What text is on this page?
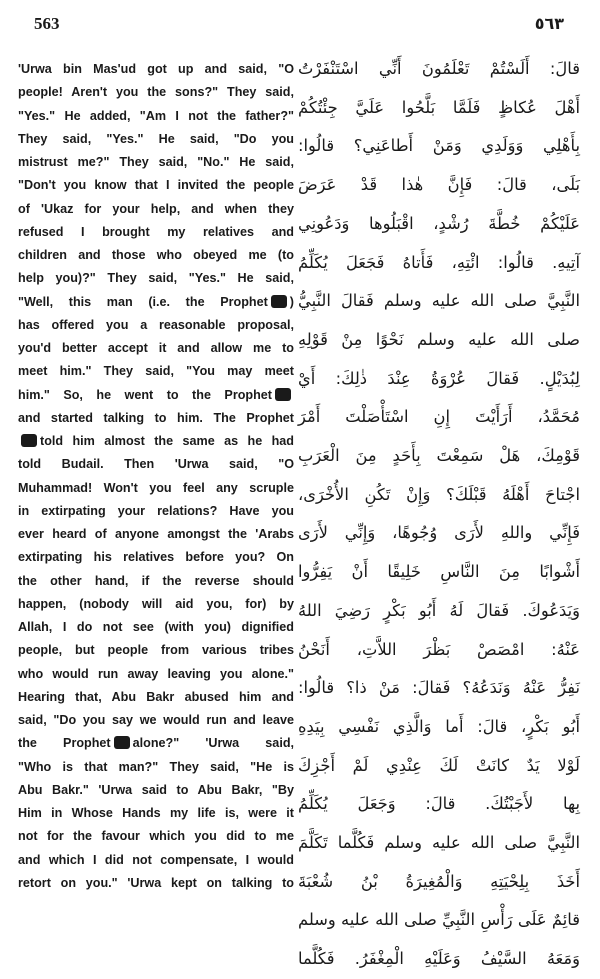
563	٥٦٣
'Urwa bin Mas'ud got up and said, "O
people! Aren't you the sons?" They said,
"Yes." He added, "Am I not the father?"
They said, "Yes." He said, "Do you
mistrust me?" They said, "No." He said,
"Don't you know that I invited the people
of 'Ukaz for your help, and when they
refused I brought my relatives and
children and those who obeyed me (to
help you)?" They said, "Yes." He said,
"Well, this man (i.e. the Prophet )
has offered you a reasonable proposal,
you'd better accept it and allow me to
meet him." They said, "You may meet
him." So, he went to the Prophet
and started talking to him. The Prophet
told him almost the same as he had
told Budail. Then 'Urwa said, "O
Muhammad! Won't you feel any scruple
in extirpating your relations? Have you
ever heard of anyone amongst the 'Arabs
extirpating his relatives before you? On
the other hand, if the reverse should
happen, (nobody will aid you, for) by
Allah, I do not see (with you) dignified
people, but people from various tribes
who would run away leaving you alone."
Hearing that, Abu Bakr abused him and
said, "Do you say we would run and leave
the Prophet alone?" 'Urwa said,
"Who is that man?" They said, "He is
Abu Bakr." 'Urwa said to Abu Bakr, "By
Him in Whose Hands my life is, were it
not for the favour which you did to me
and which I did not compensate, I would
retort on you." 'Urwa kept on talking to
قالَ: أَلَسْتُمْ تَعْلَمُونَ أَنِّي اسْتَنْفَرْتُ
أَهْلَ عُكاظٍ فَلَمَّا بَلَّحُوا عَلَيَّ جِئْتُكُمْ
بِأَهْلِي وَوَلَدِي وَمَنْ أَطاعَنِي؟ قالُوا:
بَلَى، قالَ: فَإِنَّ هٰذا قَدْ عَرَضَ
عَلَيْكُمْ خُطَّةَ رُشْدٍ، اقْبَلُوها وَدَعُونِي
آتِيهِ. قالُوا: ائْتِهِ، فَأَتاهُ فَجَعَلَ يُكَلِّمُ
النَّبِيَّ صلى الله عليه وسلم فَقالَ النَّبِيُّ
صلى الله عليه وسلم نَحْوًا مِنْ قَوْلِهِ
لِبُدَيْلٍ. فَقالَ عُرْوَةُ عِنْدَ ذٰلِكَ: أَيْ
مُحَمَّدُ، أَرَأَيْتَ إِنِ اسْتَأْصَلْتَ أَمْرَ
قَوْمِكَ، هَلْ سَمِعْتَ بِأَحَدٍ مِنَ الْعَرَبِ
اجْتاحَ أَهْلَهُ قَبْلَكَ؟ وَإِنْ تَكُنِ الأُخْرَى،
فَإِنِّي واللهِ لأَرَى وُجُوهًا، وَإِنِّي لأَرَى
أَشْوابًا مِنَ النَّاسِ خَلِيقًا أَنْ يَفِرُّوا
وَيَدَعُوكَ. فَقالَ لَهُ أَبُو بَكْرٍ رَضِيَ اللهُ
عَنْهُ: امْصَصْ بَظْرَ اللاَّتِ، أَنَحْنُ
نَفِرُّ عَنْهُ وَنَدَعُهُ؟ فَقالَ: مَنْ ذا؟ قالُوا:
أَبُو بَكْرٍ، قالَ: أَما وَالَّذِي نَفْسِي بِيَدِهِ
لَوْلا يَدٌ كانَتْ لَكَ عِنْدِي لَمْ أَجْزِكَ
بِها لأَجَبْتُكَ. قالَ: وَجَعَلَ يُكَلِّمُ
النَّبِيَّ صلى الله عليه وسلم فَكُلَّما تَكَلَّمَ
أَخَذَ بِلِحْيَتِهِ وَالْمُغِيرَةُ بْنُ شُعْبَةَ
قائِمٌ عَلَى رَأْسِ النَّبِيِّ صلى الله عليه وسلم
وَمَعَهُ السَّيْفُ وَعَلَيْهِ الْمِغْفَرُ. فَكُلَّما
